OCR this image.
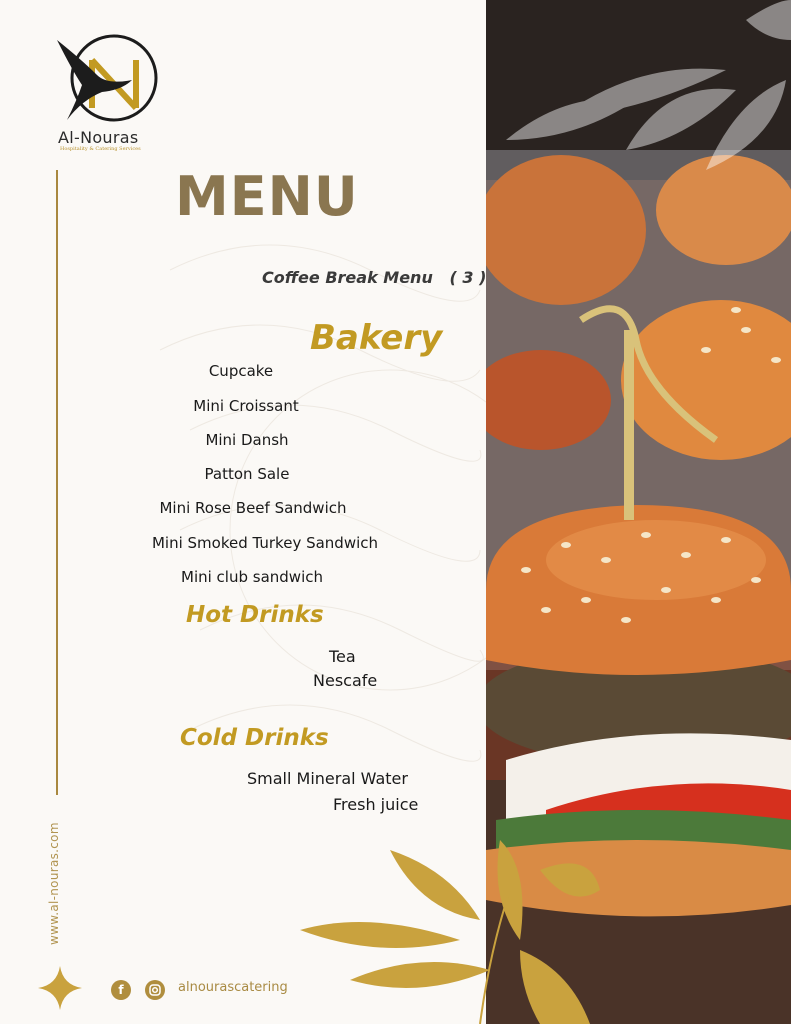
Al-Nouras
Hospitality & Catering Services
www.al-nouras.com
MENU
Coffee Break Menu   ( 3 )
Bakery
Cupcake
Mini Croissant
Mini Dansh
Patton Sale
Mini Rose Beef Sandwich
Mini Smoked Turkey Sandwich
Mini club sandwich
Hot Drinks
Tea
Nescafe
Cold Drinks
Small Mineral Water
Fresh juice
f	alnourascatering
